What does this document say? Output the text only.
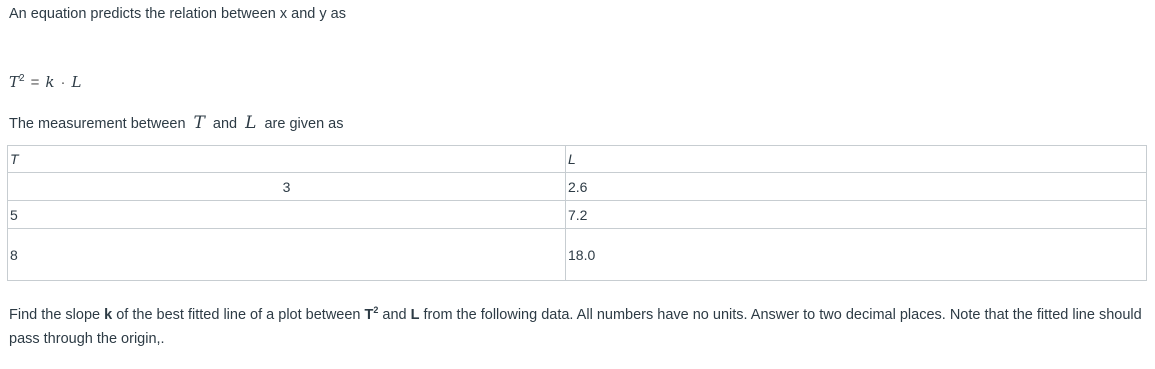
An equation predicts the relation between x and y as

$T^2 = k \cdot L$

The measurement between T and L are given as

T	L
3	2.6
5	7.2
8	18.0

Find the slope k of the best fitted line of a plot between $T^2$ and L from the following data. All numbers have no units. Answer to two decimal places. Note that the fitted line should pass through the origin,.
